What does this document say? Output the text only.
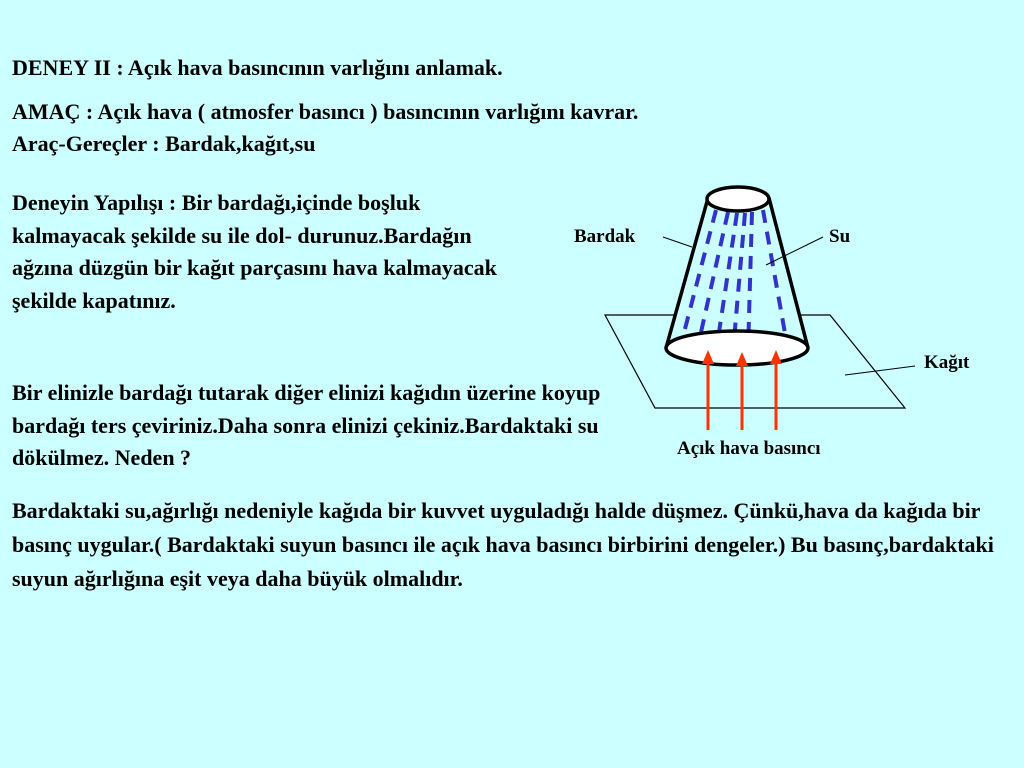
DENEY II : Açık hava basıncının varlığını anlamak.

AMAÇ : Açık hava ( atmosfer basıncı ) basıncının varlığını kavrar.

Araç-Gereçler : Bardak,kağıt,su

Deneyin Yapılışı : Bir bardağı,içinde boşluk kalmayacak şekilde su ile dol- durunuz.Bardağın ağzına düzgün bir kağıt parçasını hava kalmayacak şekilde kapatınız.

Bir elinizle bardağı tutarak diğer elinizi kağıdın üzerine koyup bardağı ters çeviriniz.Daha sonra elinizi çekiniz.Bardaktaki su dökülmez. Neden ?

Bardaktaki su,ağırlığı nedeniyle kağıda bir kuvvet uyguladığı halde düşmez. Çünkü,hava da kağıda bir basınç uygular.( Bardaktaki suyun basıncı ile açık hava basıncı birbirini dengeler.) Bu basınç,bardaktaki suyun ağırlığına eşit veya daha büyük olmalıdır.

Bardak	Su
Kağıt
Açık hava basıncı
